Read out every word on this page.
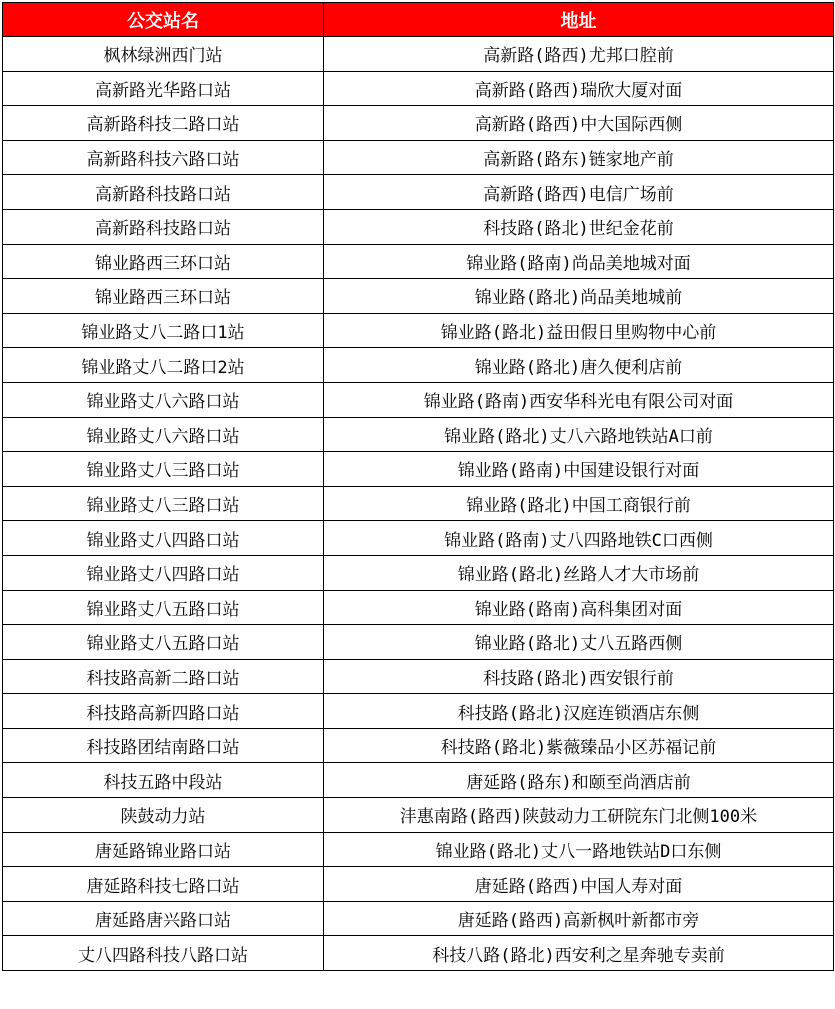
公交站名	地址
枫林绿洲西门站	高新路(路西)尤邦口腔前
高新路光华路口站	高新路(路西)瑞欣大厦对面
高新路科技二路口站	高新路(路西)中大国际西侧
高新路科技六路口站	高新路(路东)链家地产前
高新路科技路口站	高新路(路西)电信广场前
高新路科技路口站	科技路(路北)世纪金花前
锦业路西三环口站	锦业路(路南)尚品美地城对面
锦业路西三环口站	锦业路(路北)尚品美地城前
锦业路丈八二路口1站	锦业路(路北)益田假日里购物中心前
锦业路丈八二路口2站	锦业路(路北)唐久便利店前
锦业路丈八六路口站	锦业路(路南)西安华科光电有限公司对面
锦业路丈八六路口站	锦业路(路北)丈八六路地铁站A口前
锦业路丈八三路口站	锦业路(路南)中国建设银行对面
锦业路丈八三路口站	锦业路(路北)中国工商银行前
锦业路丈八四路口站	锦业路(路南)丈八四路地铁C口西侧
锦业路丈八四路口站	锦业路(路北)丝路人才大市场前
锦业路丈八五路口站	锦业路(路南)高科集团对面
锦业路丈八五路口站	锦业路(路北)丈八五路西侧
科技路高新二路口站	科技路(路北)西安银行前
科技路高新四路口站	科技路(路北)汉庭连锁酒店东侧
科技路团结南路口站	科技路(路北)紫薇臻品小区苏福记前
科技五路中段站	唐延路(路东)和颐至尚酒店前
陕鼓动力站	沣惠南路(路西)陕鼓动力工研院东门北侧100米
唐延路锦业路口站	锦业路(路北)丈八一路地铁站D口东侧
唐延路科技七路口站	唐延路(路西)中国人寿对面
唐延路唐兴路口站	唐延路(路西)高新枫叶新都市旁
丈八四路科技八路口站	科技八路(路北)西安利之星奔驰专卖前
